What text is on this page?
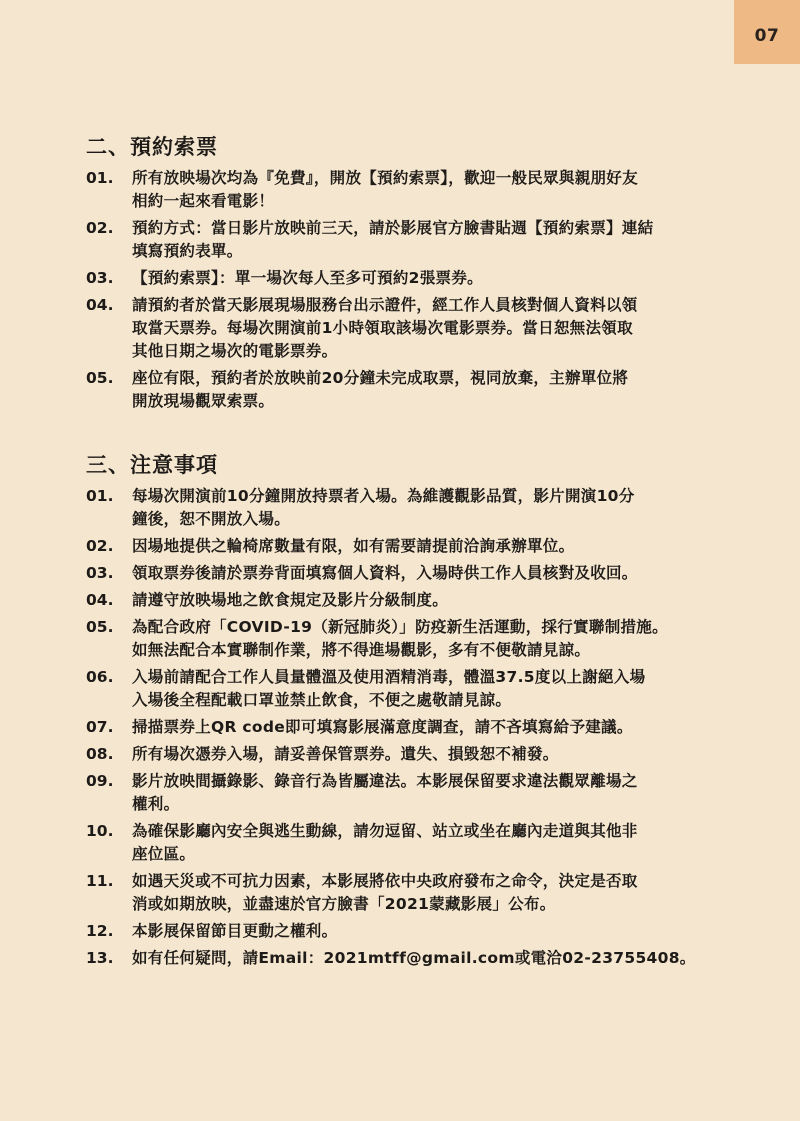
07
二、預約索票
01.	所有放映場次均為『免費』，開放【預約索票】，歡迎一般民眾與親朋好友
相約一起來看電影！
02.	預約方式：當日影片放映前三天，請於影展官方臉書貼週【預約索票】連結
填寫預約表單。
03.	【預約索票】：單一場次每人至多可預約2張票券。
04.	請預約者於當天影展現場服務台出示證件，經工作人員核對個人資料以領
取當天票券。每場次開演前1小時領取該場次電影票券。當日恕無法領取
其他日期之場次的電影票券。
05.	座位有限，預約者於放映前20分鐘未完成取票，視同放棄，主辦單位將
開放現場觀眾索票。
三、注意事項
01.	每場次開演前10分鐘開放持票者入場。為維護觀影品質，影片開演10分
鐘後，恕不開放入場。
02.	因場地提供之輪椅席數量有限，如有需要請提前洽詢承辦單位。
03.	領取票券後請於票券背面填寫個人資料，入場時供工作人員核對及收回。
04.	請遵守放映場地之飲食規定及影片分級制度。
05.	為配合政府「COVID-19（新冠肺炎）」防疫新生活運動，採行實聯制措施。
如無法配合本實聯制作業，將不得進場觀影，多有不便敬請見諒。
06.	入場前請配合工作人員量體溫及使用酒精消毒，體溫37.5度以上謝絕入場
入場後全程配載口罩並禁止飲食，不便之處敬請見諒。
07.	掃描票券上QR code即可填寫影展滿意度調查，請不吝填寫給予建議。
08.	所有場次憑券入場，請妥善保管票券。遺失、損毀恕不補發。
09.	影片放映間攝錄影、錄音行為皆屬違法。本影展保留要求違法觀眾離場之
權利。
10.	為確保影廳內安全與逃生動線，請勿逗留、站立或坐在廳內走道與其他非
座位區。
11.	如遇天災或不可抗力因素，本影展將依中央政府發布之命令，決定是否取
消或如期放映，並盡速於官方臉書「2021蒙藏影展」公布。
12.	本影展保留節目更動之權利。
13.	如有任何疑問，請Email：2021mtff@gmail.com或電洽02-23755408。
